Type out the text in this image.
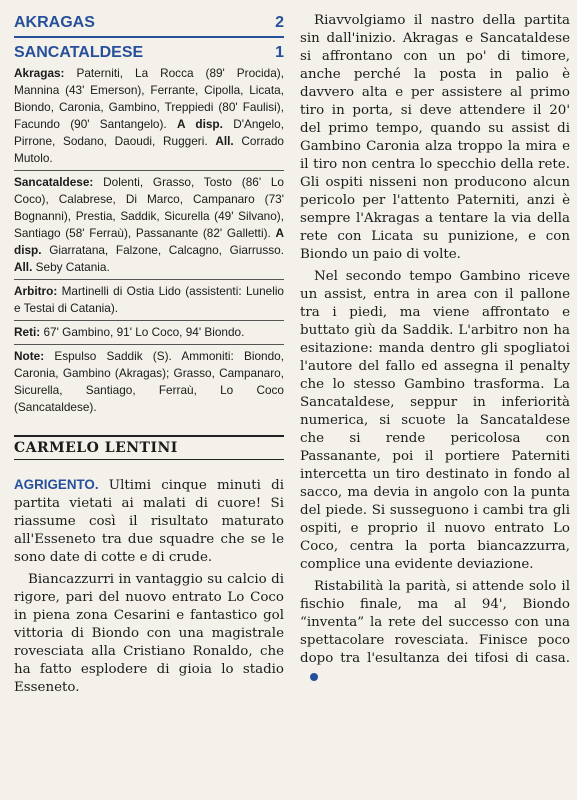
AKRAGAS	2
SANCATALDESE	1

Akragas: Paterniti, La Rocca (89' Procida), Mannina (43' Emerson), Ferrante, Cipolla, Licata, Biondo, Caronia, Gambino, Treppiedi (80' Faulisi), Facundo (90' Santangelo). A disp. D'Angelo, Pirrone, Sodano, Daoudi, Ruggeri. All. Corrado Mutolo.

Sancataldese: Dolenti, Grasso, Tosto (86' Lo Coco), Calabrese, Di Marco, Campanaro (73' Bognanni), Prestia, Saddik, Sicurella (49' Silvano), Santiago (58' Ferraù), Passanante (82' Galletti). A disp. Giarratana, Falzone, Calcagno, Giarrusso. All. Seby Catania.

Arbitro: Martinelli di Ostia Lido (assistenti: Lunelio e Testai di Catania).

Reti: 67' Gambino, 91' Lo Coco, 94' Biondo.

Note: Espulso Saddik (S). Ammoniti: Biondo, Caronia, Gambino (Akragas); Grasso, Campanaro, Sicurella, Santiago, Ferraù, Lo Coco (Sancataldese).

CARMELO LENTINI

AGRIGENTO. Ultimi cinque minuti di partita vietati ai malati di cuore! Si riassume così il risultato maturato all'Esseneto tra due squadre che se le sono date di cotte e di crude.

Biancazzurri in vantaggio su calcio di rigore, pari del nuovo entrato Lo Coco in piena zona Cesarini e fantastico gol vittoria di Biondo con una magistrale rovesciata alla Cristiano Ronaldo, che ha fatto esplodere di gioia lo stadio Esseneto.

Riavvolgiamo il nastro della partita sin dall'inizio. Akragas e Sancataldese si affrontano con un po' di timore, anche perché la posta in palio è davvero alta e per assistere al primo tiro in porta, si deve attendere il 20' del primo tempo, quando su assist di Gambino Caronia alza troppo la mira e il tiro non centra lo specchio della rete. Gli ospiti nisseni non producono alcun pericolo per l'attento Paterniti, anzi è sempre l'Akragas a tentare la via della rete con Licata su punizione, e con Biondo un paio di volte.

Nel secondo tempo Gambino riceve un assist, entra in area con il pallone tra i piedi, ma viene affrontato e buttato giù da Saddik. L'arbitro non ha esitazione: manda dentro gli spogliatoi l'autore del fallo ed assegna il penalty che lo stesso Gambino trasforma. La Sancataldese, seppur in inferiorità numerica, si scuote la Sancataldese che si rende pericolosa con Passanante, poi il portiere Paterniti intercetta un tiro destinato in fondo al sacco, ma devia in angolo con la punta del piede. Si susseguono i cambi tra gli ospiti, e proprio il nuovo entrato Lo Coco, centra la porta biancazzurra, complice una evidente deviazione.

Ristabilità la parità, si attende solo il fischio finale, ma al 94', Biondo “inventa” la rete del successo con una spettacolare rovesciata. Finisce poco dopo tra l'esultanza dei tifosi di casa.
